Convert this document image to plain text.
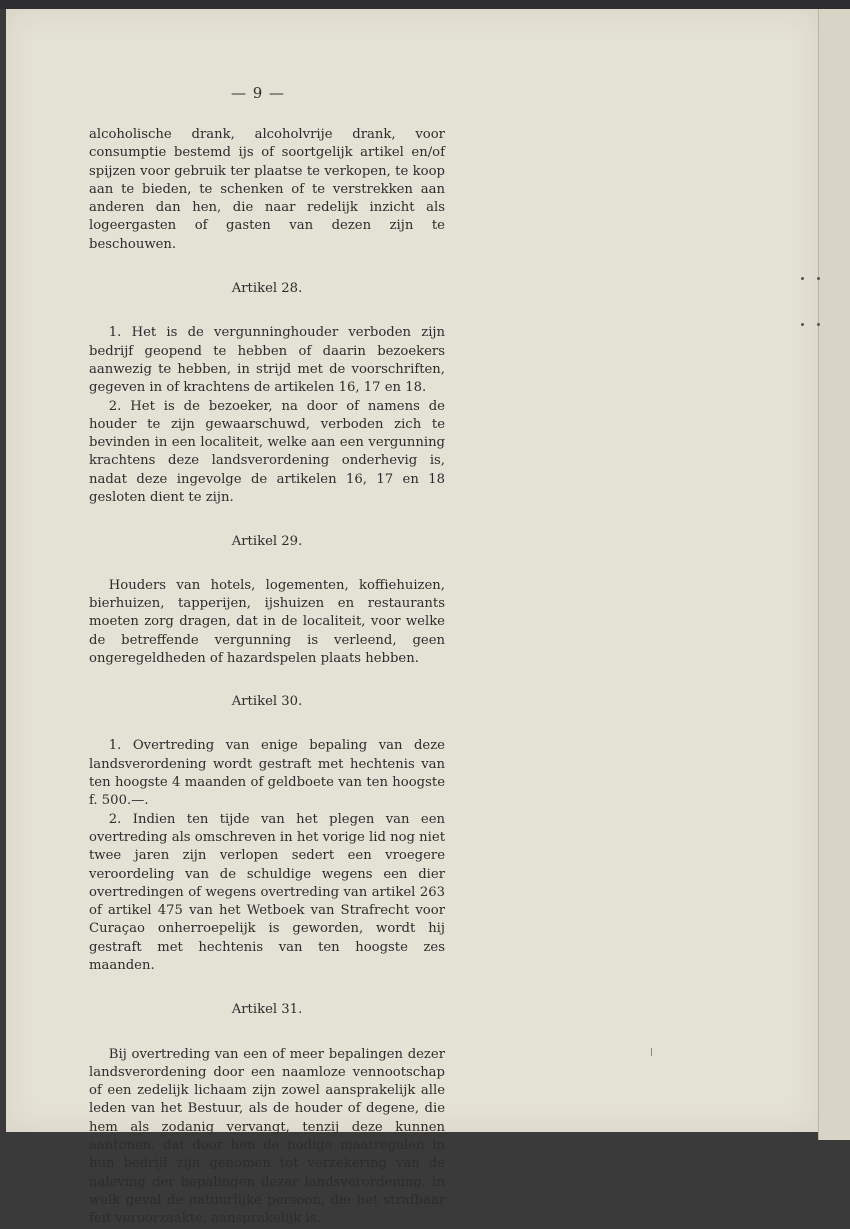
— 9 —

alcoholische drank, alcoholvrije drank, voor consumptie bestemd ijs of soortgelijk artikel en/of spijzen voor gebruik ter plaatse te verkopen, te koop aan te bieden, te schenken of te verstrekken aan anderen dan hen, die naar redelijk inzicht als logeergasten of gasten van dezen zijn te beschouwen.

Artikel 28.

1. Het is de vergunninghouder verboden zijn bedrijf geopend te hebben of daarin bezoekers aanwezig te hebben, in strijd met de voorschriften, gegeven in of krachtens de artikelen 16, 17 en 18.

2. Het is de bezoeker, na door of namens de houder te zijn gewaarschuwd, verboden zich te bevinden in een localiteit, welke aan een vergunning krachtens deze landsverordening onderhevig is, nadat deze ingevolge de artikelen 16, 17 en 18 gesloten dient te zijn.

Artikel 29.

Houders van hotels, logementen, koffiehuizen, bierhuizen, tapperijen, ijshuizen en restaurants moeten zorg dragen, dat in de localiteit, voor welke de betreffende vergunning is verleend, geen ongeregeldheden of hazardspelen plaats hebben.

Artikel 30.

1. Overtreding van enige bepaling van deze landsverordening wordt gestraft met hechtenis van ten hoogste 4 maanden of geldboete van ten hoogste f. 500.—.

2. Indien ten tijde van het plegen van een overtreding als omschreven in het vorige lid nog niet twee jaren zijn verlopen sedert een vroegere veroordeling van de schuldige wegens een dier overtredingen of wegens overtreding van artikel 263 of artikel 475 van het Wetboek van Strafrecht voor Curaçao onherroepelijk is geworden, wordt hij gestraft met hechtenis van ten hoogste zes maanden.

Artikel 31.

Bij overtreding van een of meer bepalingen dezer landsverordening door een naamloze vennootschap of een zedelijk lichaam zijn zowel aansprakelijk alle leden van het Bestuur, als de houder of degene, die hem als zodanig vervangt, tenzij deze kunnen aantonen, dat door hen de nodige maatregelen in hun bedrijf zijn genomen tot verzekering van de naleving der bepalingen dezer landsverordening, in welk geval de natuurlijke persoon, die het strafbaar feit veroorzaakte, aansprakelijk is.
